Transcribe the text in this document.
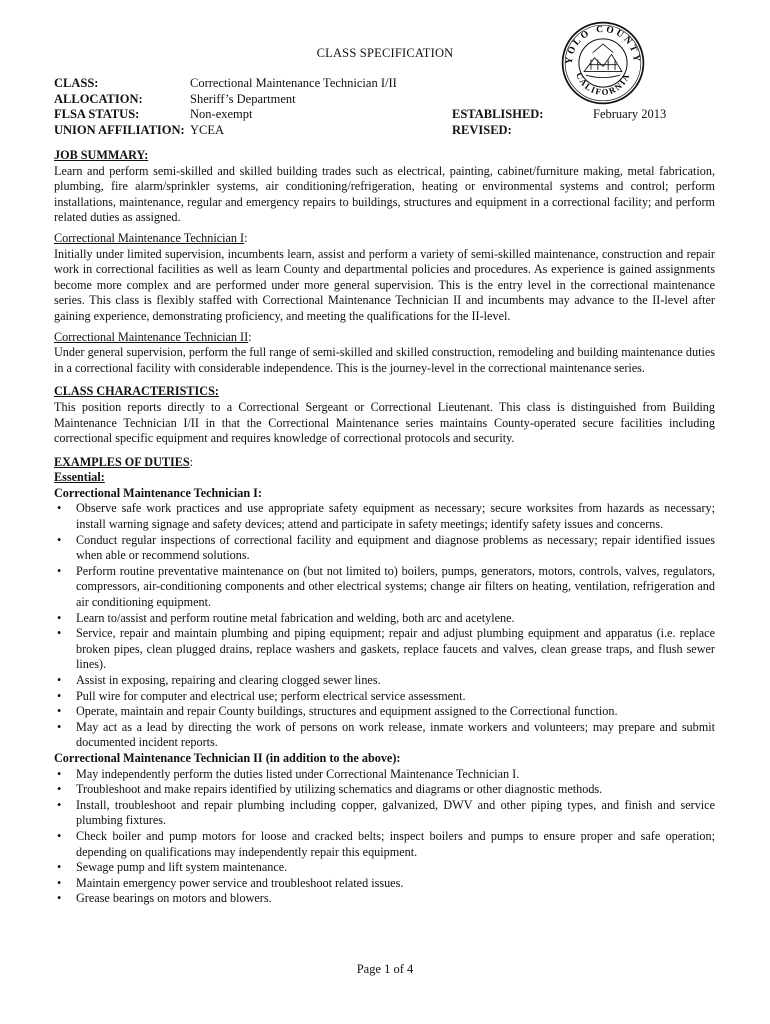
YOLO COUNTY
CALIFORNIA
CLASS SPECIFICATION
CLASS:
ALLOCATION:
FLSA STATUS:
UNION AFFILIATION:
Correctional Maintenance Technician I/II
Sheriff’s Department
Non-exempt
YCEA
ESTABLISHED:
REVISED:
February 2013
JOB SUMMARY:

Learn and perform semi-skilled and skilled building trades such as electrical, painting, cabinet/furniture making, metal fabrication, plumbing, fire alarm/sprinkler systems, air conditioning/refrigeration, heating or environmental systems and control; perform installations, maintenance, regular and emergency repairs to buildings, structures and equipment in a correctional facility; and perform related duties as assigned.

Correctional Maintenance Technician I:

Initially under limited supervision, incumbents learn, assist and perform a variety of semi-skilled maintenance, construction and repair work in correctional facilities as well as learn County and departmental policies and procedures. As experience is gained assignments become more complex and are performed under more general supervision. This is the entry level in the correctional maintenance series. This class is flexibly staffed with Correctional Maintenance Technician II and incumbents may advance to the II-level after gaining experience, demonstrating proficiency, and meeting the qualifications for the II-level.

Correctional Maintenance Technician II:

Under general supervision, perform the full range of semi-skilled and skilled construction, remodeling and building maintenance duties in a correctional facility with considerable independence. This is the journey-level in the correctional maintenance series.

CLASS CHARACTERISTICS:

This position reports directly to a Correctional Sergeant or Correctional Lieutenant. This class is distinguished from Building Maintenance Technician I/II in that the Correctional Maintenance series maintains County-operated secure facilities including correctional specific equipment and requires knowledge of correctional protocols and security.

EXAMPLES OF DUTIES:
Essential:
Correctional Maintenance Technician I:
• Observe safe work practices and use appropriate safety equipment as necessary; secure worksites from hazards as necessary; install warning signage and safety devices; attend and participate in safety meetings; identify safety issues and concerns.
• Conduct regular inspections of correctional facility and equipment and diagnose problems as necessary; repair identified issues when able or recommend solutions.
• Perform routine preventative maintenance on (but not limited to) boilers, pumps, generators, motors, controls, valves, regulators, compressors, air-conditioning components and other electrical systems; change air filters on heating, ventilation, refrigeration and air conditioning equipment.
• Learn to/assist and perform routine metal fabrication and welding, both arc and acetylene.
• Service, repair and maintain plumbing and piping equipment; repair and adjust plumbing equipment and apparatus (i.e. replace broken pipes, clean plugged drains, replace washers and gaskets, replace faucets and valves, clean grease traps, and flush sewer lines).
• Assist in exposing, repairing and clearing clogged sewer lines.
• Pull wire for computer and electrical use; perform electrical service assessment.
• Operate, maintain and repair County buildings, structures and equipment assigned to the Correctional function.
• May act as a lead by directing the work of persons on work release, inmate workers and volunteers; may prepare and submit documented incident reports.
Correctional Maintenance Technician II (in addition to the above):
• May independently perform the duties listed under Correctional Maintenance Technician I.
• Troubleshoot and make repairs identified by utilizing schematics and diagrams or other diagnostic methods.
• Install, troubleshoot and repair plumbing including copper, galvanized, DWV and other piping types, and finish and service plumbing fixtures.
• Check boiler and pump motors for loose and cracked belts; inspect boilers and pumps to ensure proper and safe operation; depending on qualifications may independently repair this equipment.
• Sewage pump and lift system maintenance.
• Maintain emergency power service and troubleshoot related issues.
• Grease bearings on motors and blowers.
Page 1 of 4
